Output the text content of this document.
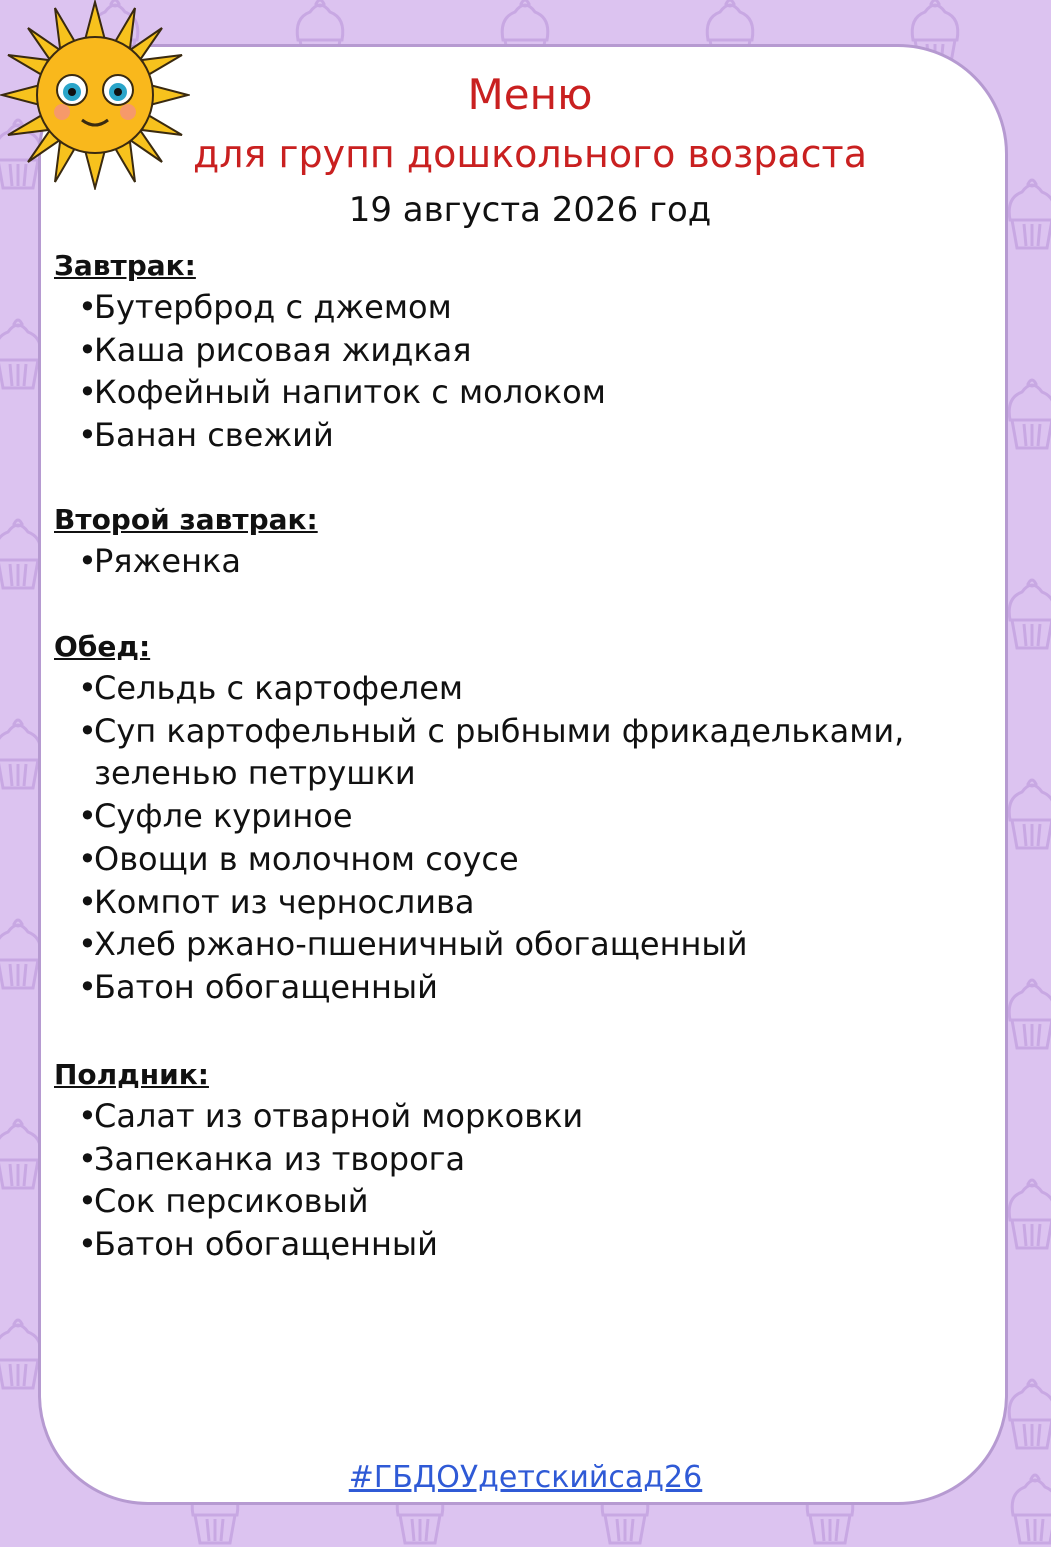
Меню
для групп дошкольного возраста
19 августа 2026 год
Завтрак:
•
Бутерброд с джемом
•
Каша рисовая жидкая
•
Кофейный напиток с молоком
•
Банан свежий
Второй завтрак:
•
Ряженка
Обед:
•
Сельдь с картофелем
•
Суп картофельный с рыбными фрикадельками, зеленью петрушки
•
Суфле куриное
•
Овощи в молочном соусе
•
Компот из чернослива
•
Хлеб ржано-пшеничный обогащенный
•
Батон обогащенный
Полдник:
•
Салат из отварной морковки
•
Запеканка из творога
•
Сок персиковый
•
Батон обогащенный
#ГБДОУдетскийсад26
